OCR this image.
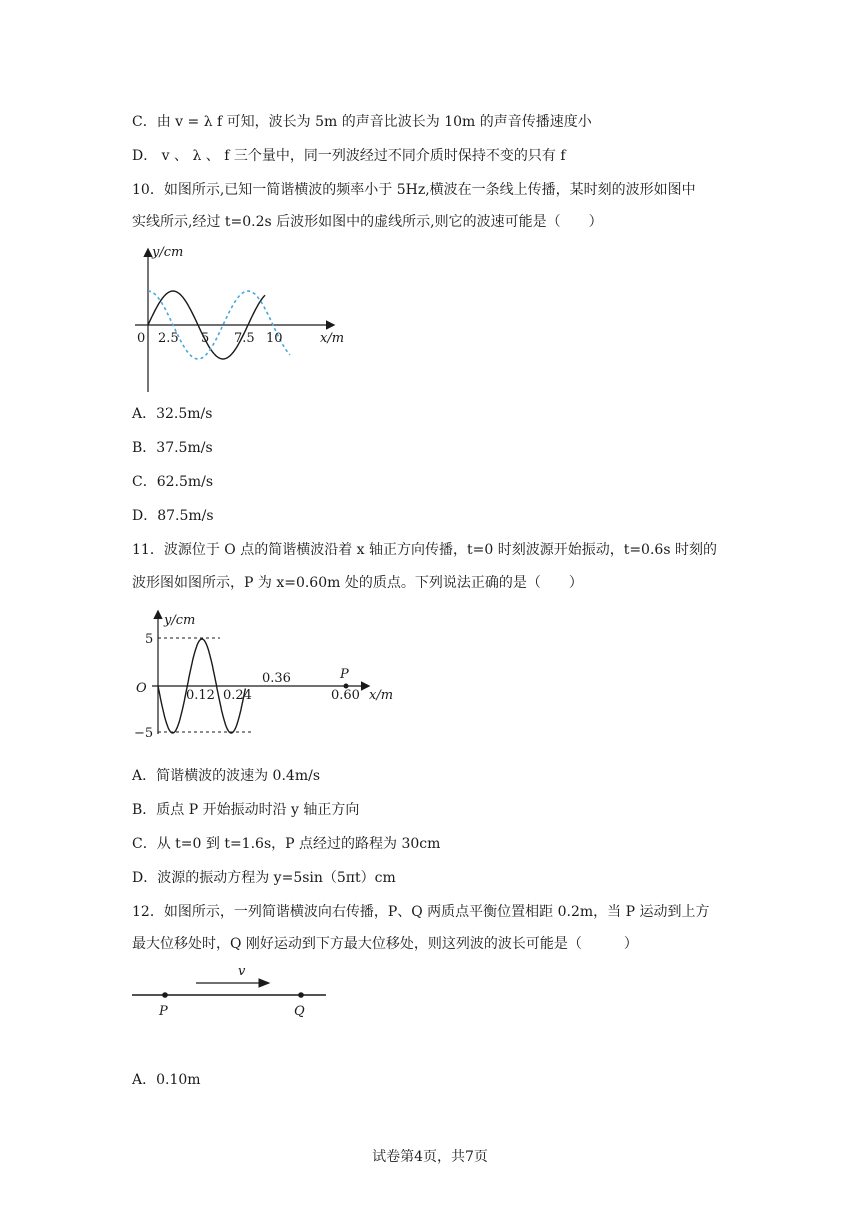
C．由 v = λ f 可知，波长为 5m 的声音比波长为 10m 的声音传播速度小
D． v 、 λ 、 f 三个量中，同一列波经过不同介质时保持不变的只有 f
10．如图所示,已知一简谐横波的频率小于 5Hz,横波在一条线上传播，某时刻的波形如图中
实线所示,经过 t=0.2s 后波形如图中的虚线所示,则它的波速可能是（　　）
y/cm
x/m
0 2.5 5 7.5 10
A．32.5m/s
B．37.5m/s
C．62.5m/s
D．87.5m/s
11．波源位于 O 点的简谐横波沿着 x 轴正方向传播，t=0 时刻波源开始振动，t=0.6s 时刻的
波形图如图所示，P 为 x=0.60m 处的质点。下列说法正确的是（　　）
y/cm
5
−5
O	0.12 0.24
0.36
0.60 x/m
P
A．简谐横波的波速为 0.4m/s
B．质点 P 开始振动时沿 y 轴正方向
C．从 t=0 到 t=1.6s，P 点经过的路程为 30cm
D．波源的振动方程为 y=5sin（5πt）cm
12．如图所示，一列简谐横波向右传播，P、Q 两质点平衡位置相距 0.2m，当 P 运动到上方
最大位移处时，Q 刚好运动到下方最大位移处，则这列波的波长可能是（　　　）
v
P	Q
A．0.10m
试卷第4页，共7页
